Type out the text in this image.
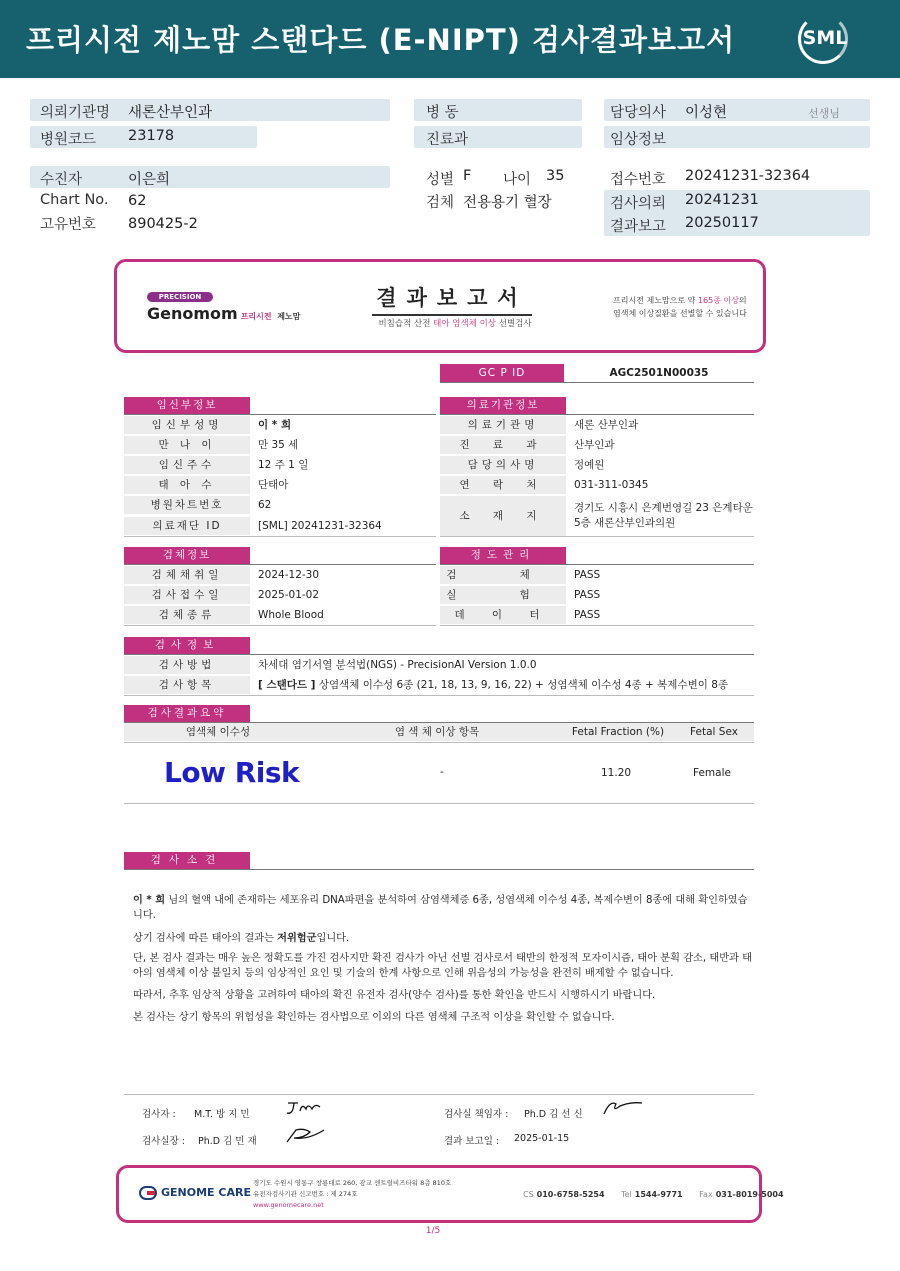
프리시전 제노맘 스탠다드 (E-NIPT) 검사결과보고서	SML
의뢰기관명 새론산부인과
병원코드 23178
수진자	이은희
Chart No. 62
고유번호 890425-2
병 동
진료과
성별 F 나이 35
검체 전용용기 혈장
담당의사 이성현	선생님
임상정보
접수번호 20241231-32364
검사의뢰 20241231
결과보고 20250117
PRECISION
Genomom 프리시전 제노맘
결과보고서
비침습적 산전 태아 염색체 이상 선별검사
프리시전 제노맘으로 약 165종 이상의
염색체 이상질환을 선별할 수 있습니다
GC P ID	AGC2501N00035
임신부정보
임신부성명	이 * 희
만 나 이	만 35 세
임신주수	12 주 1 일
태 아 수	단태아
병원차트번호	62
의료재단 ID	[SML] 20241231-32364
의료기관정보
의료기관명	새론 산부인과
진 료 과	산부인과
담당의사명	정예원
연 락 처	031-311-0345
소 재 지
경기도 시흥시 은계번영길 23 은계타운
5층 새론산부인과의원
검체정보
검체채취일	2024-12-30
검사접수일	2025-01-02
검체종류	Whole Blood
정도관리
검 체	PASS
실 험	PASS
데 이 터	PASS
검사정보
검사방법	차세대 염기서열 분석법(NGS) - PrecisionAI Version 1.0.0
검사항목	[ 스탠다드 ] 상염색체 이수성 6종 (21, 18, 13, 9, 16, 22) + 성염색체 이수성 4종 + 복제수변이 8종
검사결과요약
염색체 이수성	염 색 체 이상 항목	Fetal Fraction (%)	Fetal Sex
Low Risk	-	11.20	Female
검사소견
이 * 희 님의 혈액 내에 존재하는 세포유리 DNA파편을 분석하여 삼염색체증 6종, 성염색체 이수성 4종, 복제수변이 8종에 대해 확인하였습니다.
상기 검사에 따른 태아의 결과는 저위험군입니다.
단, 본 검사 결과는 매우 높은 정확도를 가진 검사지만 확진 검사가 아닌 선별 검사로서 태반의 한정적 모자이시즘, 태아 분획 감소, 태반과 태아의 염색체 이상 불일치 등의 임상적인 요인 및 기술의 한계 사항으로 인해 위음성의 가능성을 완전히 배제할 수 없습니다.
따라서, 추후 임상적 상황을 고려하여 태아의 확진 유전자 검사(양수 검사)를 통한 확인을 반드시 시행하시기 바랍니다.
본 검사는 상기 항목의 위험성을 확인하는 검사법으로 이외의 다른 염색체 구조적 이상을 확인할 수 없습니다.
검사자 : M.T. 방 지 민	검사실 책임자 : Ph.D 김 선 신
검사실장 : Ph.D 김 민 재	결과 보고일 : 2025-01-15
GENOME CARE
경기도 수원시 영통구 창룡대로 260, 광교 센트럴비즈타워 8층 810호
유전자검사기관 신고번호 : 제 274호
www.genomecare.net
CS 010-6758-5254 Tel 1544-9771 Fax 031-8019-5004
1/5
